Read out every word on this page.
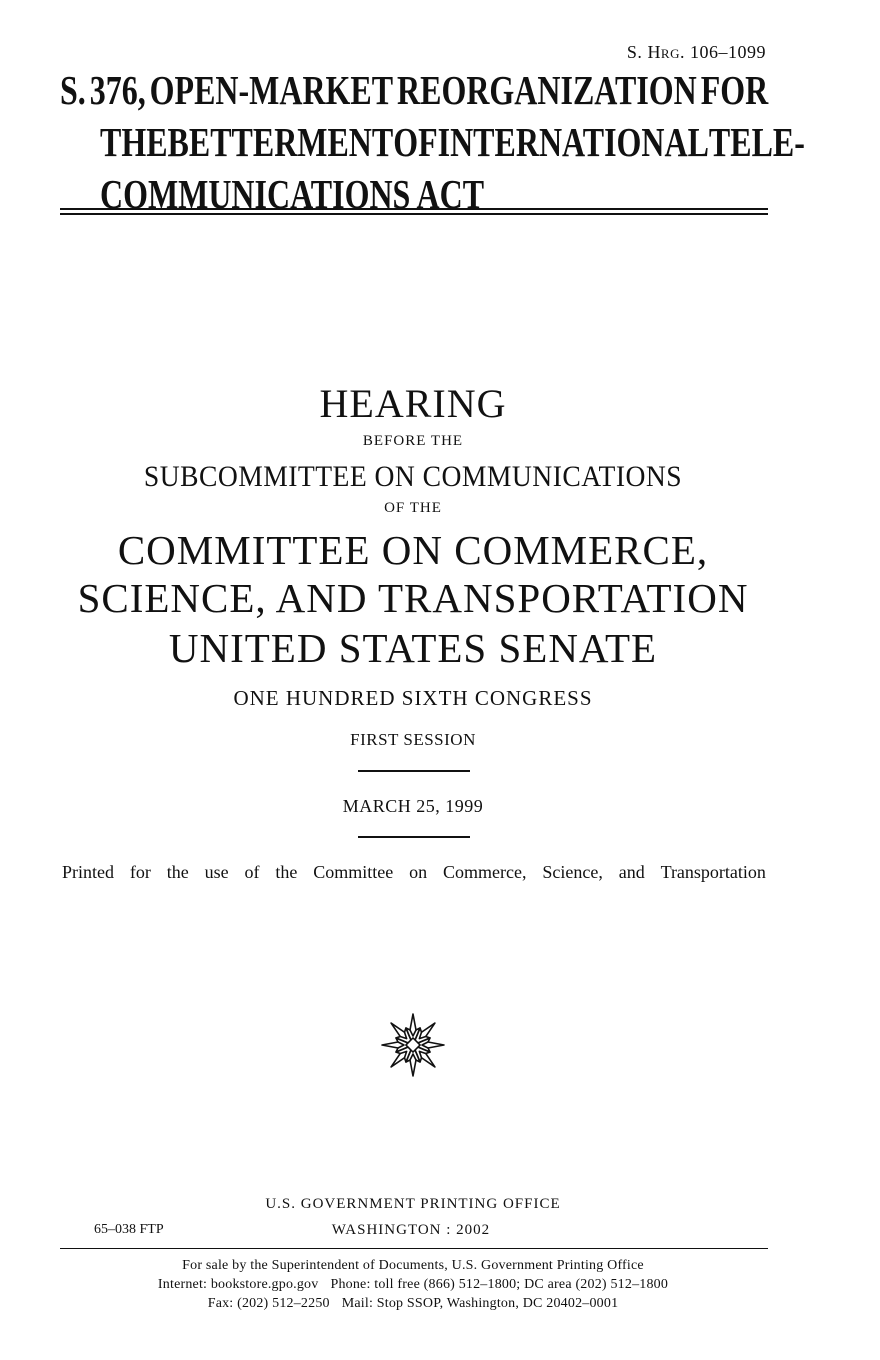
S. Hrg. 106–1099
S. 376, OPEN-MARKET REORGANIZATION FOR
THE BETTERMENT OF INTERNATIONAL TELE-
COMMUNICATIONS ACT
HEARING
BEFORE THE
SUBCOMMITTEE ON COMMUNICATIONS
OF THE
COMMITTEE ON COMMERCE,
SCIENCE, AND TRANSPORTATION
UNITED STATES SENATE
ONE HUNDRED SIXTH CONGRESS
FIRST SESSION
MARCH 25, 1999
Printed for the use of the Committee on Commerce, Science, and Transportation
U.S. GOVERNMENT PRINTING OFFICE
65–038 FTP	WASHINGTON : 2002
For sale by the Superintendent of Documents, U.S. Government Printing Office
Internet: bookstore.gpo.gov Phone: toll free (866) 512–1800; DC area (202) 512–1800
Fax: (202) 512–2250 Mail: Stop SSOP, Washington, DC 20402–0001
